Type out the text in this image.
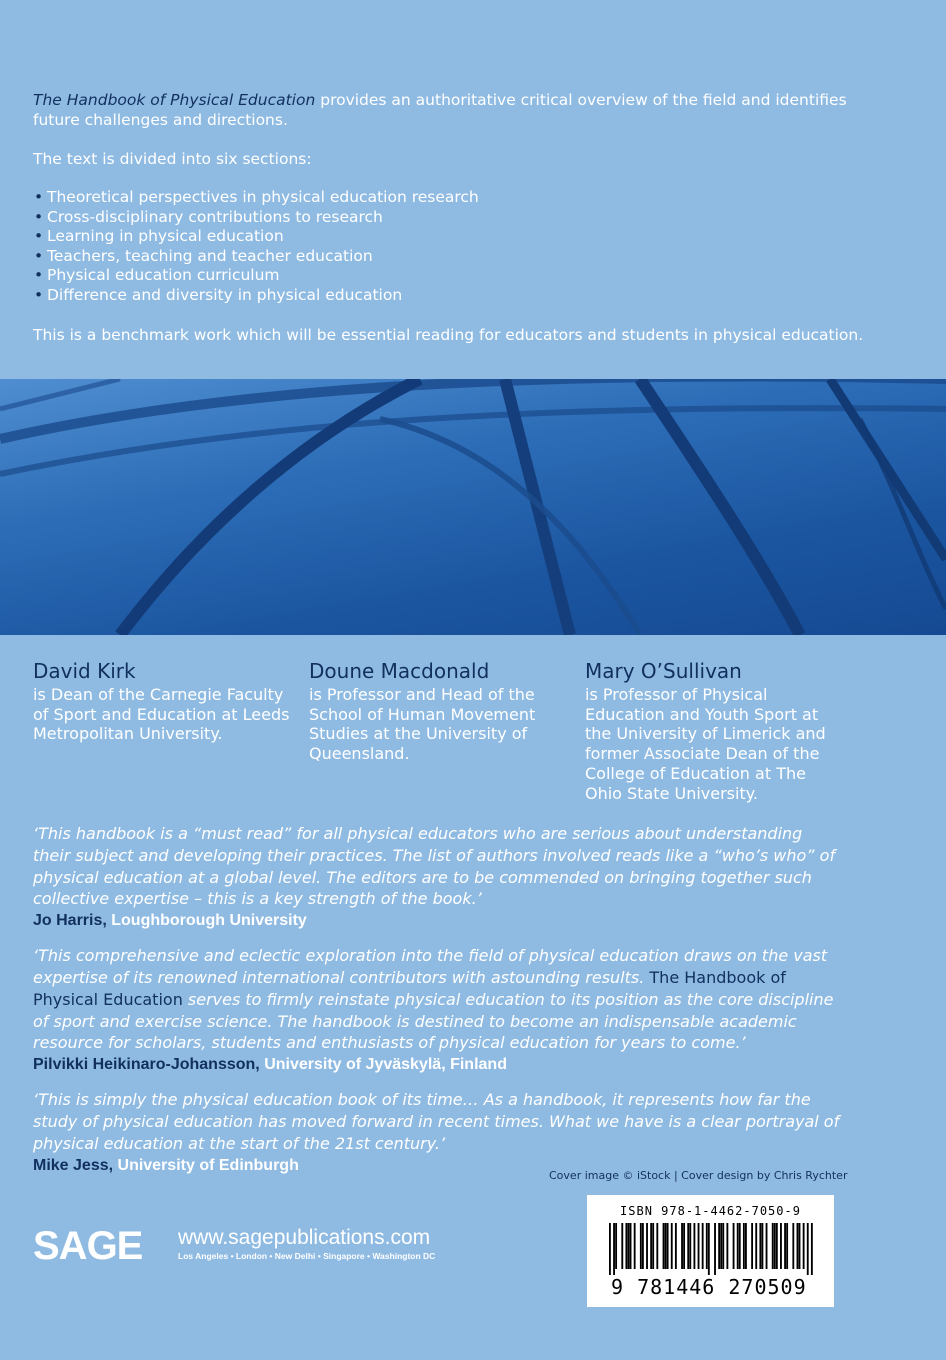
The Handbook of Physical Education provides an authoritative critical overview of the field and identifies future challenges and directions.

The text is divided into six sections:

• Theoretical perspectives in physical education research
• Cross-disciplinary contributions to research
• Learning in physical education
• Teachers, teaching and teacher education
• Physical education curriculum
• Difference and diversity in physical education

This is a benchmark work which will be essential reading for educators and students in physical education.

David Kirk
is Dean of the Carnegie Faculty of Sport and Education at Leeds Metropolitan University.
Doune Macdonald
is Professor and Head of the School of Human Movement Studies at the University of Queensland.
Mary O’Sullivan
is Professor of Physical Education and Youth Sport at the University of Limerick and former Associate Dean of the College of Education at The Ohio State University.
‘This handbook is a “must read” for all physical educators who are serious about understanding their subject and developing their practices. The list of authors involved reads like a “who’s who” of physical education at a global level. The editors are to be commended on bringing together such collective expertise – this is a key strength of the book.’
Jo Harris, Loughborough University
‘This comprehensive and eclectic exploration into the field of physical education draws on the vast expertise of its renowned international contributors with astounding results. The Handbook of Physical Education serves to firmly reinstate physical education to its position as the core discipline of sport and exercise science. The handbook is destined to become an indispensable academic resource for scholars, students and enthusiasts of physical education for years to come.’
Pilvikki Heikinaro-Johansson, University of Jyväskylä, Finland
‘This is simply the physical education book of its time… As a handbook, it represents how far the study of physical education has moved forward in recent times. What we have is a clear portrayal of physical education at the start of the 21st century.’
Mike Jess, University of Edinburgh
Cover image © iStock | Cover design by Chris Rychter
SAGE www.sagepublications.com
Los Angeles • London • New Delhi • Singapore • Washington DC
ISBN 978-1-4462-7050-9
9 781446 270509
